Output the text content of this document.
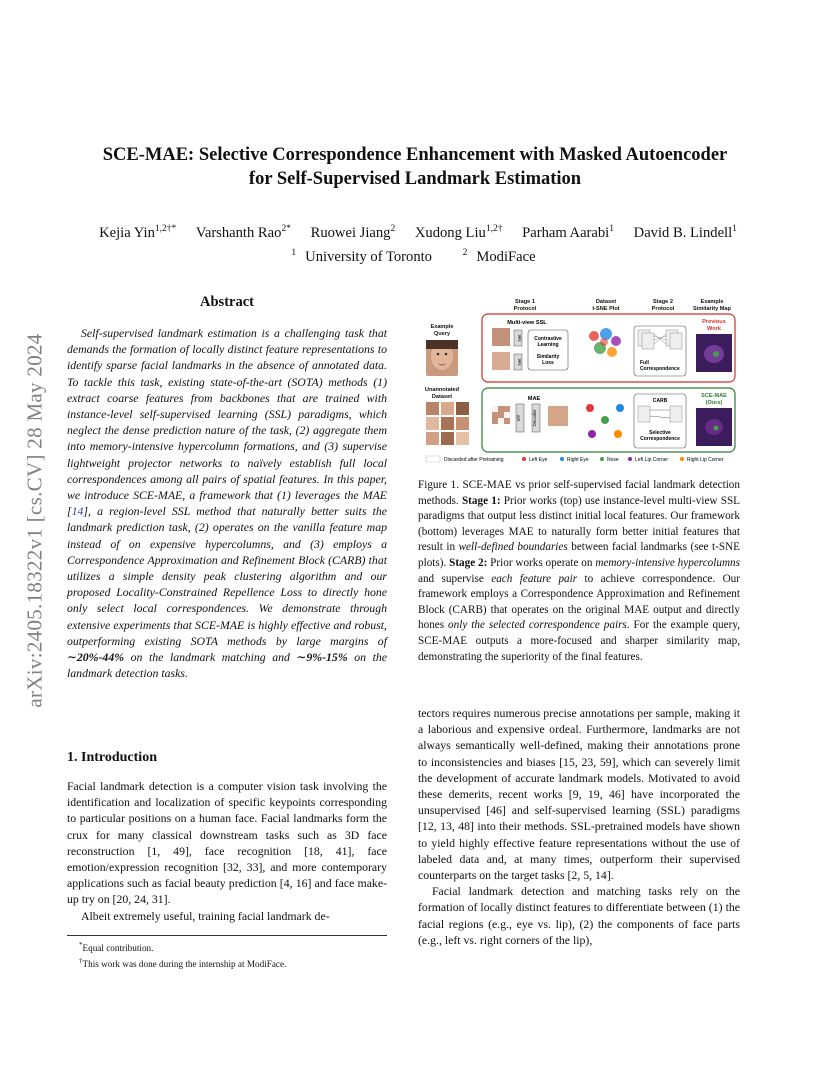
arXiv:2405.18322v1 [cs.CV] 28 May 2024
SCE-MAE: Selective Correspondence Enhancement with Masked Autoencoder
for Self-Supervised Landmark Estimation
Kejia Yin$^{1,2\dagger*}$ Varshanth Rao$^{2*}$ Ruowei Jiang$^2$ Xudong Liu$^{1,2\dagger}$ Parham Aarabi$^1$ David B. Lindell$^1$
$^1$ University of Toronto	$^2$ ModiFace
Abstract
Self-supervised landmark estimation is a challenging task that demands the formation of locally distinct feature representations to identify sparse facial landmarks in the absence of annotated data. To tackle this task, existing state-of-the-art (SOTA) methods (1) extract coarse features from backbones that are trained with instance-level self-supervised learning (SSL) paradigms, which neglect the dense prediction nature of the task, (2) aggregate them into memory-intensive hypercolumn formations, and (3) supervise lightweight projector networks to naïvely establish full local correspondences among all pairs of spatial features. In this paper, we introduce SCE-MAE, a framework that (1) leverages the MAE [14], a region-level SSL method that naturally better suits the landmark prediction task, (2) operates on the vanilla feature map instead of on expensive hypercolumns, and (3) employs a Correspondence Approximation and Refinement Block (CARB) that utilizes a simple density peak clustering algorithm and our proposed Locality-Constrained Repellence Loss to directly hone only select local correspondences. We demonstrate through extensive experiments that SCE-MAE is highly effective and robust, outperforming existing SOTA methods by large margins of ∼20%-44% on the landmark matching and ∼9%-15% on the landmark detection tasks.
1. Introduction

Facial landmark detection is a computer vision task involving the identification and localization of specific keypoints corresponding to particular positions on a human face. Facial landmarks form the crux for many classical downstream tasks such as 3D face reconstruction [1, 49], face recognition [18, 41], face emotion/expression recognition [32, 33], and more contemporary applications such as facial beauty prediction [4, 16] and face make-up try on [20, 24, 31].

Albeit extremely useful, training facial landmark de-

*Equal contribution.
†This work was done during the internship at ModiFace.
Stage 1
Protocol
Dataset
t-SNE Plot
Stage 2
Protocol
Example
Similarity Map
Example
Query
Unannotated
Dataset
Multi-view SSL
Net
Net
Contrastive
Learning
Similarity
Loss	Full
Correspondence
Previous
Work
MAE
ViT Decoder
CARB
Selective
Correspondence
SCE-MAE
(Ours)
Discarded after Pretraining	Left Eye	Right Eye	Nose	Left Lip Corner	Right Lip Corner
Figure 1. SCE-MAE vs prior self-supervised facial landmark detection methods. Stage 1: Prior works (top) use instance-level multi-view SSL paradigms that output less distinct initial local features. Our framework (bottom) leverages MAE to naturally form better initial features that result in well-defined boundaries between facial landmarks (see t-SNE plots). Stage 2: Prior works operate on memory-intensive hypercolumns and supervise each feature pair to achieve correspondence. Our framework employs a Correspondence Approximation and Refinement Block (CARB) that operates on the original MAE output and directly hones only the selected correspondence pairs. For the example query, SCE-MAE outputs a more-focused and sharper similarity map, demonstrating the superiority of the final features.

tectors requires numerous precise annotations per sample, making it a laborious and expensive ordeal. Furthermore, landmarks are not always semantically well-defined, making their annotations prone to inconsistencies and biases [15, 23, 59], which can severely limit the development of accurate landmark models. Motivated to avoid these demerits, recent works [9, 19, 46] have incorporated the unsupervised [46] and self-supervised learning (SSL) paradigms [12, 13, 48] into their methods. SSL-pretrained models have shown to yield highly effective feature representations without the use of labeled data and, at many times, outperform their supervised counterparts on the target tasks [2, 5, 14].

Facial landmark detection and matching tasks rely on the formation of locally distinct features to differentiate between (1) the facial regions (e.g., eye vs. lip), (2) the components of face parts (e.g., left vs. right corners of the lip),
